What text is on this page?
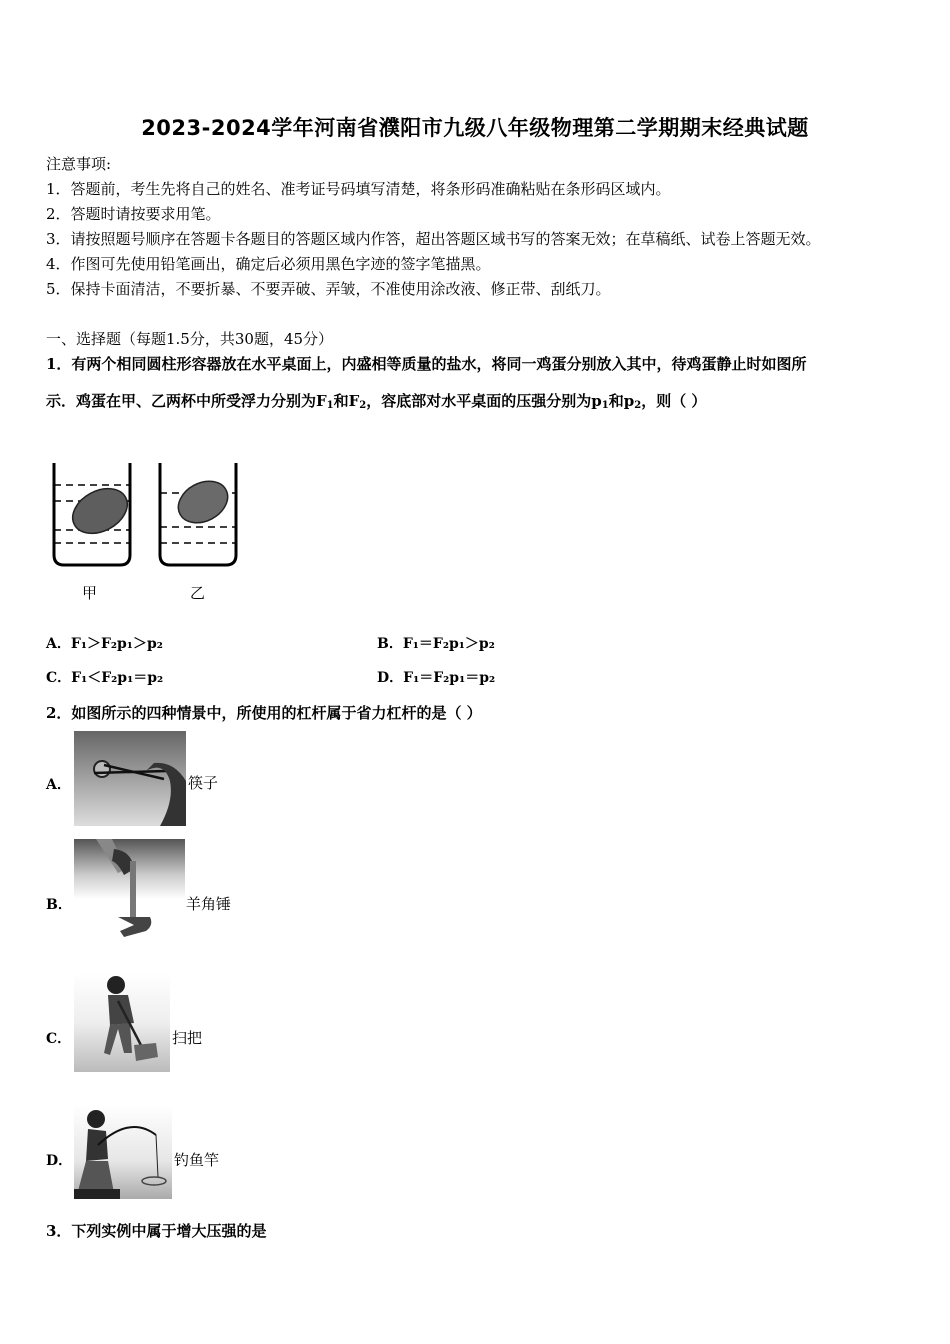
2023-2024学年河南省濮阳市九级八年级物理第二学期期末经典试题
注意事项:
1．答题前，考生先将自己的姓名、准考证号码填写清楚，将条形码准确粘贴在条形码区域内。
2．答题时请按要求用笔。
3．请按照题号顺序在答题卡各题目的答题区域内作答，超出答题区域书写的答案无效；在草稿纸、试卷上答题无效。
4．作图可先使用铅笔画出，确定后必须用黑色字迹的签字笔描黑。
5．保持卡面清洁，不要折暴、不要弄破、弄皱，不准使用涂改液、修正带、刮纸刀。
一、选择题（每题1.5分，共30题，45分）
1．有两个相同圆柱形容器放在水平桌面上，内盛相等质量的盐水，将同一鸡蛋分别放入其中，待鸡蛋静止时如图所
示．鸡蛋在甲、乙两杯中所受浮力分别为$F_1$和$F_2$，容底部对水平桌面的压强分别为$p_1$和$p_2$，则（ ）
甲	乙
A．F₁＞F₂p₁＞p₂	B．F₁＝F₂p₁＞p₂
C．F₁＜F₂p₁＝p₂	D．F₁＝F₂p₁＝p₂
2．如图所示的四种情景中，所使用的杠杆属于省力杠杆的是（ ）
A．	筷子
B．	羊角锤
C．	扫把
D．	钓鱼竿
3．下列实例中属于增大压强的是
